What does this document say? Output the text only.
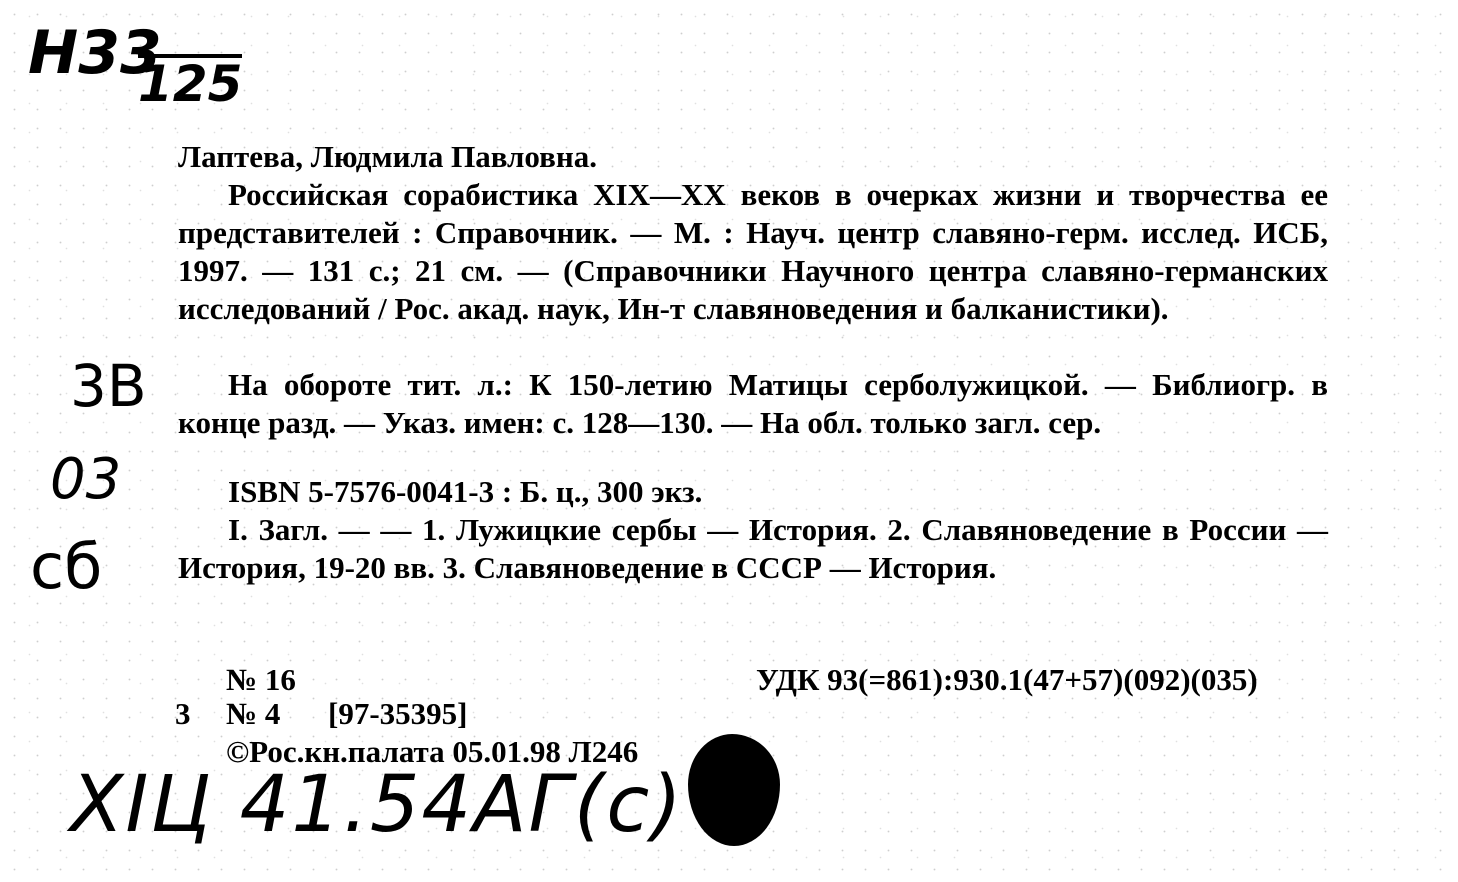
Н33
125
3В
03
сб
Лаптева, Людмила Павловна.
Российская сорабистика XIX—XX веков в очерках жизни и творчества ее представителей : Справочник. — М. : Науч. центр славяно-герм. исслед. ИСБ, 1997. — 131 с.; 21 см. — (Справочники Научного центра славяно-германских исследований / Рос. акад. наук, Ин-т славяноведения и балканистики).
На обороте тит. л.: К 150-летию Матицы серболужицкой. — Библиогр. в конце разд. — Указ. имен: с. 128—130. — На обл. только загл. сер.
ISBN 5-7576-0041-3 : Б. ц., 300 экз.
I. Загл. — — 1. Лужицкие сербы — История. 2. Славяноведение в России — История, 19-20 вв. 3. Славяноведение в СССР — История.
№ 16
3 № 4 [97-35395]
УДК 93(=861):930.1(47+57)(092)(035)
©Рос.кн.палата 05.01.98 Л246
ХIЦ 41.54АГ(с)
